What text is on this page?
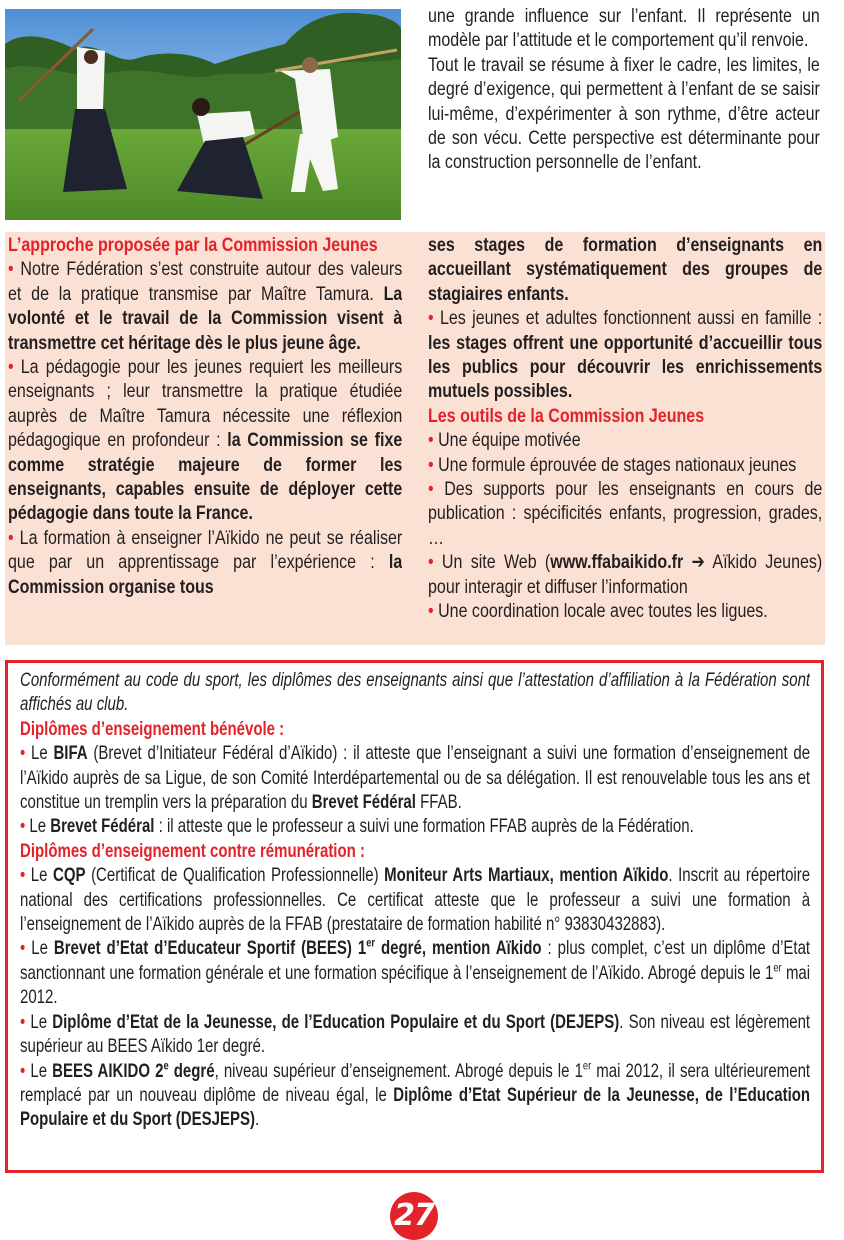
une grande influence sur l’enfant. Il représente un modèle par l’attitude et le comportement qu’il renvoie.

Tout le travail se résume à fixer le cadre, les limites, le degré d’exigence, qui permettent à l’enfant de se saisir lui-même, d’expérimenter à son rythme, d’être acteur de son vécu. Cette perspective est déterminante pour la construction personnelle de l’enfant.

L’approche proposée par la Commission Jeunes

• Notre Fédération s’est construite autour des valeurs et de la pratique transmise par Maître Tamura. La volonté et le travail de la Commission visent à transmettre cet héritage dès le plus jeune âge.

• La pédagogie pour les jeunes requiert les meilleurs enseignants ; leur transmettre la pratique étudiée auprès de Maître Tamura nécessite une réflexion pédagogique en profondeur : la Commission se fixe comme stratégie majeure de former les enseignants, capables ensuite de déployer cette pédagogie dans toute la France.

• La formation à enseigner l’Aïkido ne peut se réaliser que par un apprentissage par l’expérience : la Commission organise tous

ses stages de formation d’enseignants en accueillant systématiquement des groupes de stagiaires enfants.

• Les jeunes et adultes fonctionnent aussi en famille : les stages offrent une opportunité d’accueillir tous les publics pour découvrir les enrichissements mutuels possibles.

Les outils de la Commission Jeunes

• Une équipe motivée

• Une formule éprouvée de stages nationaux jeunes

• Des supports pour les enseignants en cours de publication : spécificités enfants, progression, grades, …

• Un site Web (www.ffabaikido.fr ➔ Aïkido Jeunes) pour interagir et diffuser l’information

• Une coordination locale avec toutes les ligues.

Conformément au code du sport, les diplômes des enseignants ainsi que l’attestation d’affiliation à la Fédération sont affichés au club.

Diplômes d’enseignement bénévole :

• Le BIFA (Brevet d’Initiateur Fédéral d’Aïkido) : il atteste que l’enseignant a suivi une formation d’enseignement de l’Aïkido auprès de sa Ligue, de son Comité Interdépartemental ou de sa délégation. Il est renouvelable tous les ans et constitue un tremplin vers la préparation du Brevet Fédéral FFAB.

• Le Brevet Fédéral : il atteste que le professeur a suivi une formation FFAB auprès de la Fédération.

Diplômes d’enseignement contre rémunération :

• Le CQP (Certificat de Qualification Professionnelle) Moniteur Arts Martiaux, mention Aïkido. Inscrit au répertoire national des certifications professionnelles. Ce certificat atteste que le professeur a suivi une formation à l’enseignement de l’Aïkido auprès de la FFAB (prestataire de formation habilité n° 93830432883).

• Le Brevet d’Etat d’Educateur Sportif (BEES) 1er degré, mention Aïkido : plus complet, c’est un diplôme d’Etat sanctionnant une formation générale et une formation spécifique à l’enseignement de l’Aïkido. Abrogé depuis le 1er mai 2012.

• Le Diplôme d’Etat de la Jeunesse, de l’Education Populaire et du Sport (DEJEPS). Son niveau est légèrement supérieur au BEES Aïkido 1er degré.

• Le BEES AIKIDO 2e degré, niveau supérieur d’enseignement. Abrogé depuis le 1er mai 2012, il sera ultérieurement remplacé par un nouveau diplôme de niveau égal, le Diplôme d’Etat Supérieur de la Jeunesse, de l’Education Populaire et du Sport (DESJEPS).

27
